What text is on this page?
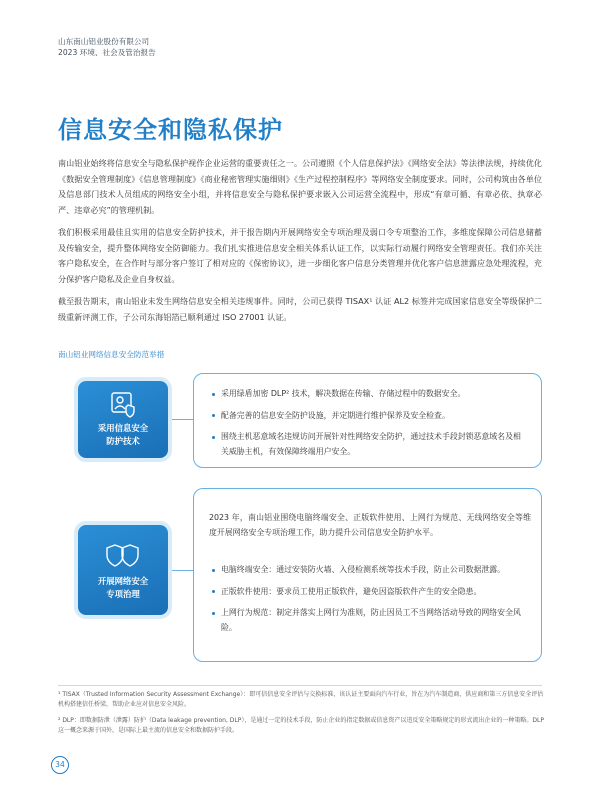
山东南山铝业股份有限公司
2023 环境、社会及管治报告
信息安全和隐私保护

南山铝业始终将信息安全与隐私保护视作企业运营的重要责任之一。公司遵照《个人信息保护法》《网络安全法》等法律法规，持续优化《数据安全管理制度》《信息管理制度》《商业秘密管理实施细则》《生产过程控制程序》等网络安全制度要求。同时，公司构筑由各单位及信息部门技术人员组成的网络安全小组，并将信息安全与隐私保护要求嵌入公司运营全流程中，形成“有章可循、有章必依、执章必严、违章必究”的管理机制。

我们积极采用最佳且实用的信息安全防护技术，并于报告期内开展网络安全专项治理及弱口令专项整治工作，多维度保障公司信息储蓄及传输安全，提升整体网络安全防御能力。我们扎实推进信息安全相关体系认证工作，以实际行动履行网络安全管理责任。我们亦关注客户隐私安全，在合作时与部分客户签订了相对应的《保密协议》，进一步细化客户信息分类管理并优化客户信息泄露应急处理流程，充分保护客户隐私及企业自身权益。

截至报告期末，南山铝业未发生网络信息安全相关违规事件。同时，公司已获得 TISAX¹ 认证 AL2 标签并完成国家信息安全等级保护二级重新评测工作，子公司东海铝箔已顺利通过 ISO 27001 认证。

南山铝业网络信息安全防范举措
采用信息安全
防护技术
采用绿盾加密 DLP² 技术，解决数据在传输、存储过程中的数据安全。
配备完善的信息安全防护设施，并定期进行维护保养及安全检查。
围绕主机恶意域名违规访问开展针对性网络安全防护，通过技术手段封锁恶意域名及相关威胁主机，有效保障终端用户安全。
开展网络安全
专项治理

2023 年，南山铝业围绕电脑终端安全、正版软件使用、上网行为规范、无线网络安全等维度开展网络安全专项治理工作，助力提升公司信息安全防护水平。

电脑终端安全：通过安装防火墙、入侵检测系统等技术手段，防止公司数据泄露。
正版软件使用：要求员工使用正版软件，避免因盗版软件产生的安全隐患。
上网行为规范：制定并落实上网行为准则，防止因员工不当网络活动导致的网络安全风险。

¹ TISAX（Trusted Information Security Assessment Exchange）：即可信信息安全评估与交换标准，该认证主要面向汽车行业，旨在为汽车制造商、供应商和第三方信息安全评估机构搭建信任桥梁，帮助企业应对信息安全风险。

² DLP：即数据防泄（泄露）防护（Data leakage prevention, DLP），是通过一定的技术手段，防止企业的指定数据或信息资产以违反安全策略规定的形式流出企业的一种策略。DLP 这一概念来源于国外，是国际上最主流的信息安全和数据防护手段。

34
